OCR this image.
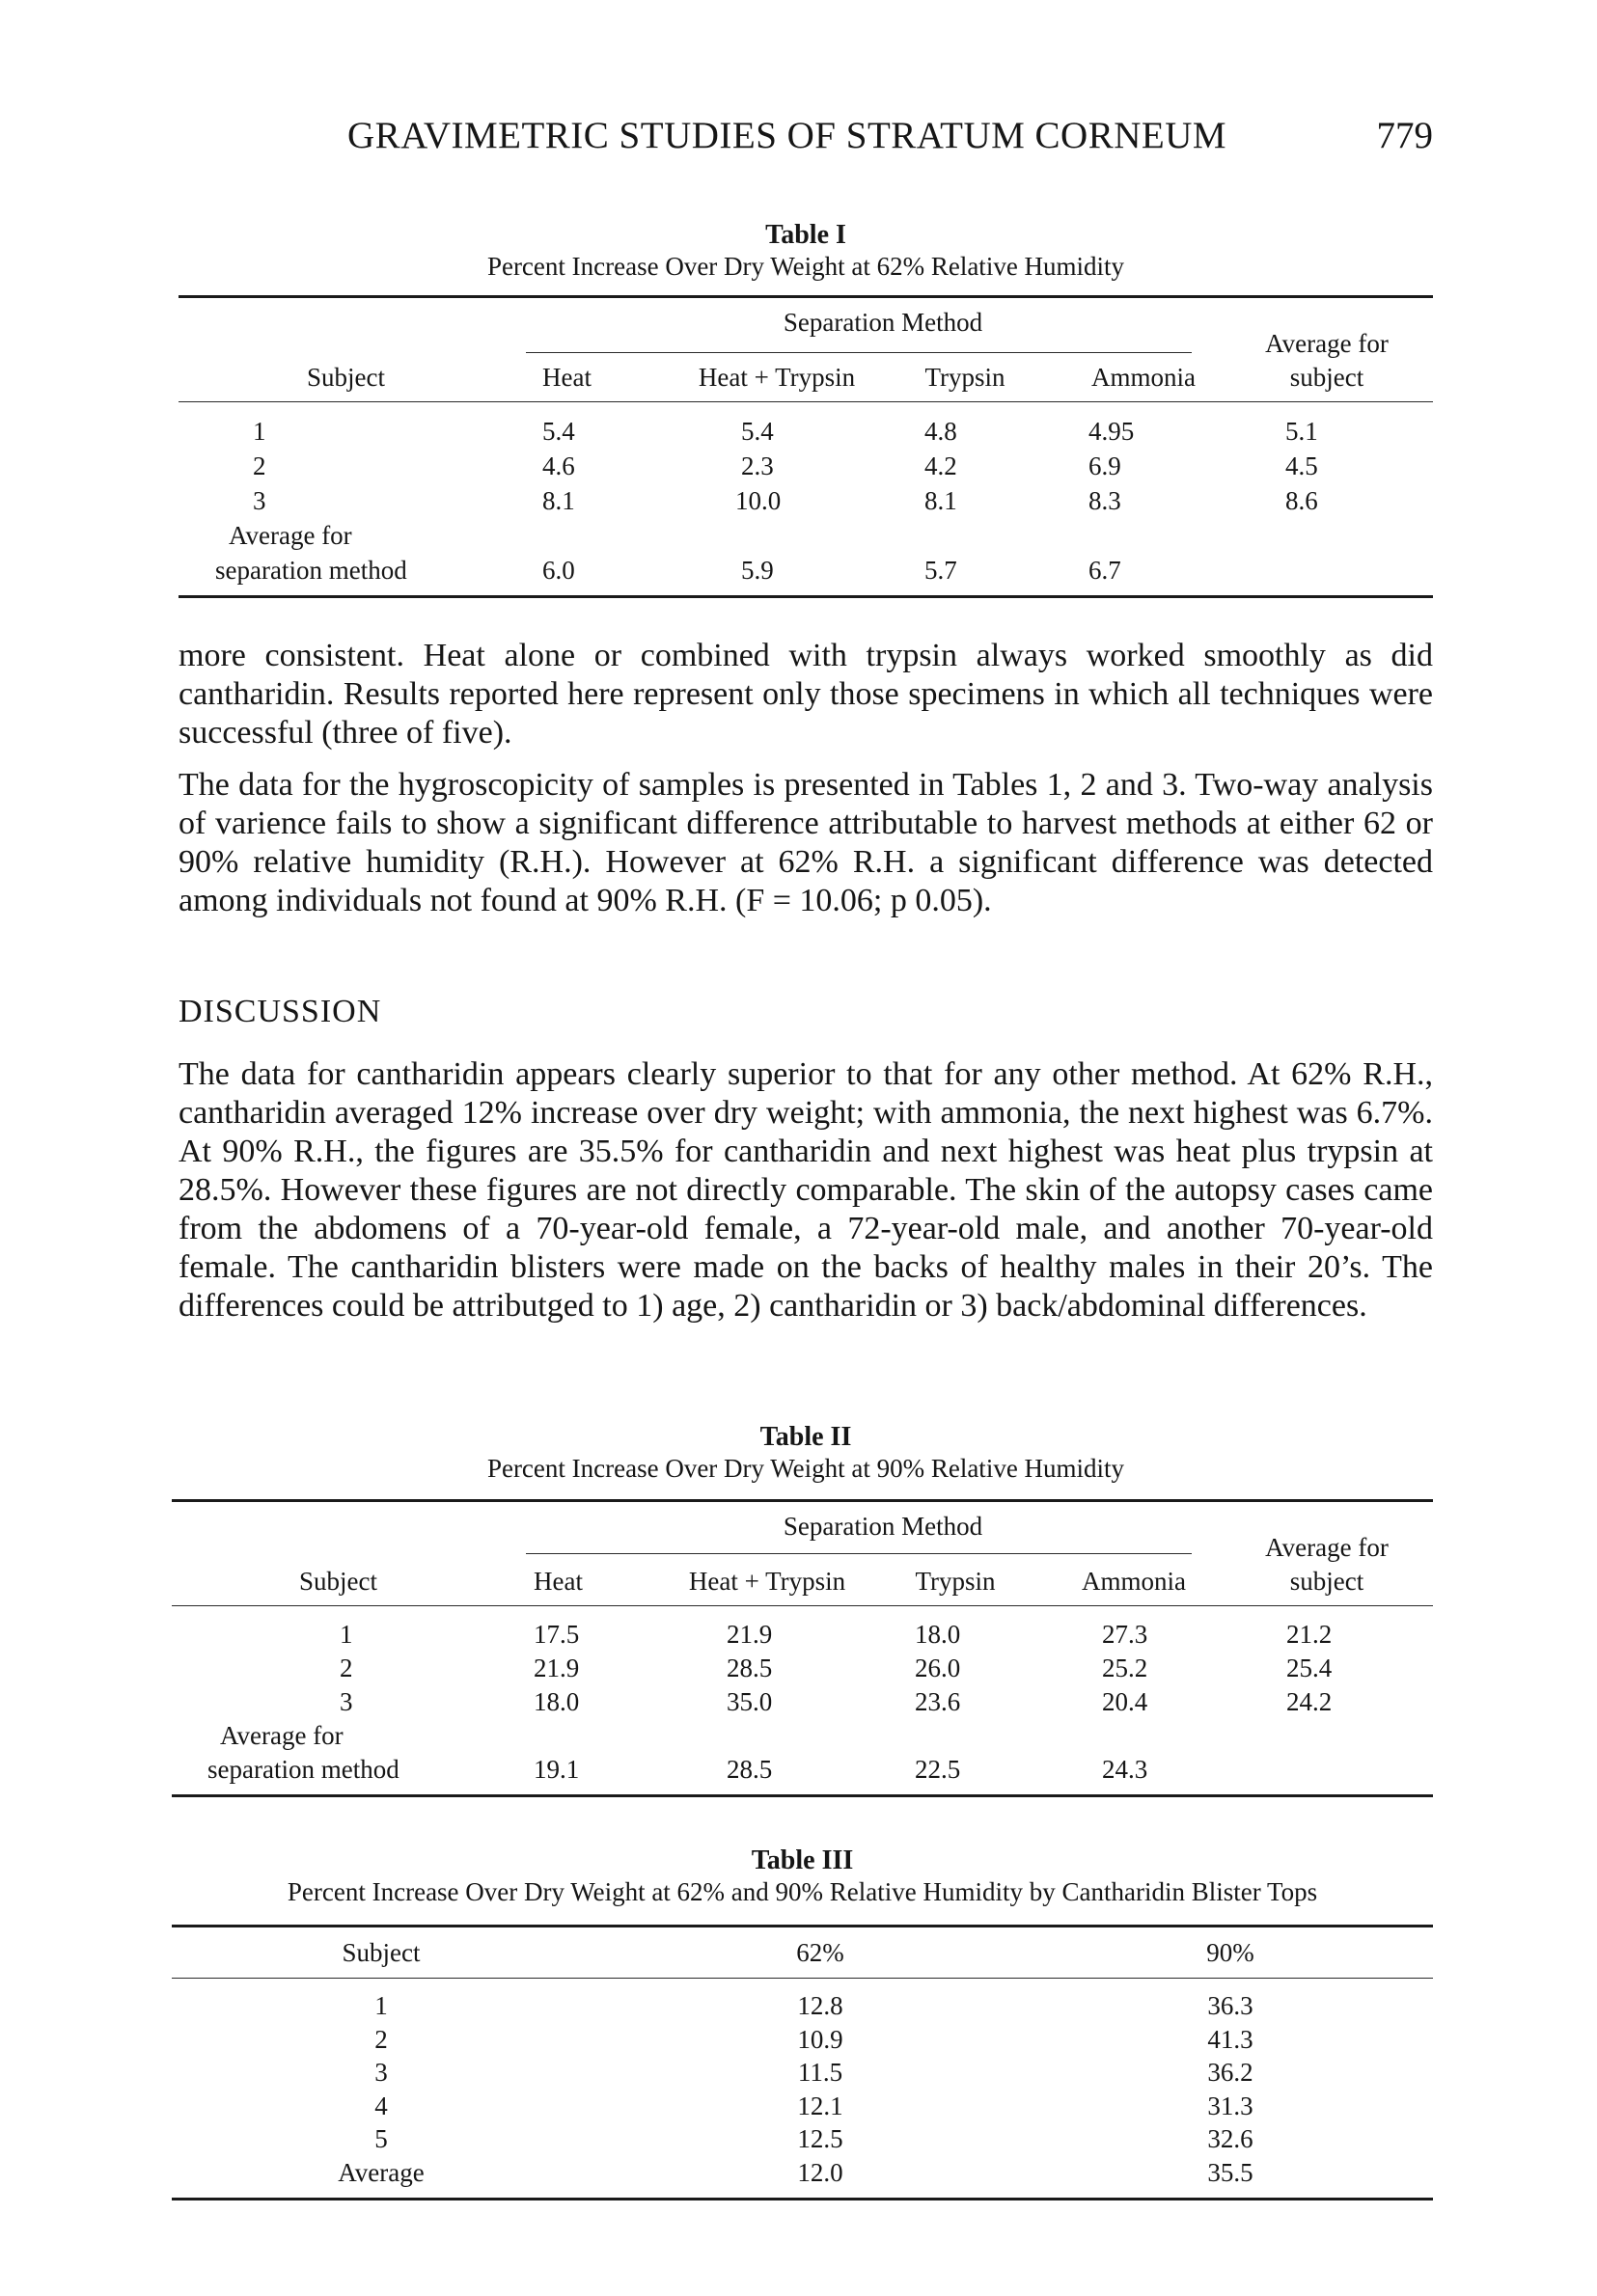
GRAVIMETRIC STUDIES OF STRATUM CORNEUM	779
Table I
Percent Increase Over Dry Weight at 62% Relative Humidity
Separation Method
Average for
Subject	Heat	Heat + Trypsin	Trypsin	Ammonia	subject
1	5.4	5.4	4.8	4.95	5.1
2	4.6	2.3	4.2	6.9	4.5
3	8.1	10.0	8.1	8.3	8.6
Average for
separation method	6.0	5.9	5.7	6.7

more consistent. Heat alone or combined with trypsin always worked smoothly as did cantharidin. Results reported here represent only those specimens in which all techniques were successful (three of five).

The data for the hygroscopicity of samples is presented in Tables 1, 2 and 3. Two-way analysis of varience fails to show a significant difference attributable to harvest methods at either 62 or 90% relative humidity (R.H.). However at 62% R.H. a significant difference was detected among individuals not found at 90% R.H. (F = 10.06; p 0.05).

DISCUSSION

The data for cantharidin appears clearly superior to that for any other method. At 62% R.H., cantharidin averaged 12% increase over dry weight; with ammonia, the next highest was 6.7%. At 90% R.H., the figures are 35.5% for cantharidin and next highest was heat plus trypsin at 28.5%. However these figures are not directly comparable. The skin of the autopsy cases came from the abdomens of a 70-year-old female, a 72-year-old male, and another 70-year-old female. The cantharidin blisters were made on the backs of healthy males in their 20’s. The differences could be attributged to 1) age, 2) cantharidin or 3) back/abdominal differences.

Table II
Percent Increase Over Dry Weight at 90% Relative Humidity
Separation Method
Average for
Subject	Heat	Heat + Trypsin	Trypsin	Ammonia	subject
1	17.5	21.9	18.0	27.3	21.2
2	21.9	28.5	26.0	25.2	25.4
3	18.0	35.0	23.6	20.4	24.2
Average for
separation method	19.1	28.5	22.5	24.3
Table III
Percent Increase Over Dry Weight at 62% and 90% Relative Humidity by Cantharidin Blister Tops
Subject	62%	90%
1	12.8	36.3
2	10.9	41.3
3	11.5	36.2
4	12.1	31.3
5	12.5	32.6
Average	12.0	35.5
